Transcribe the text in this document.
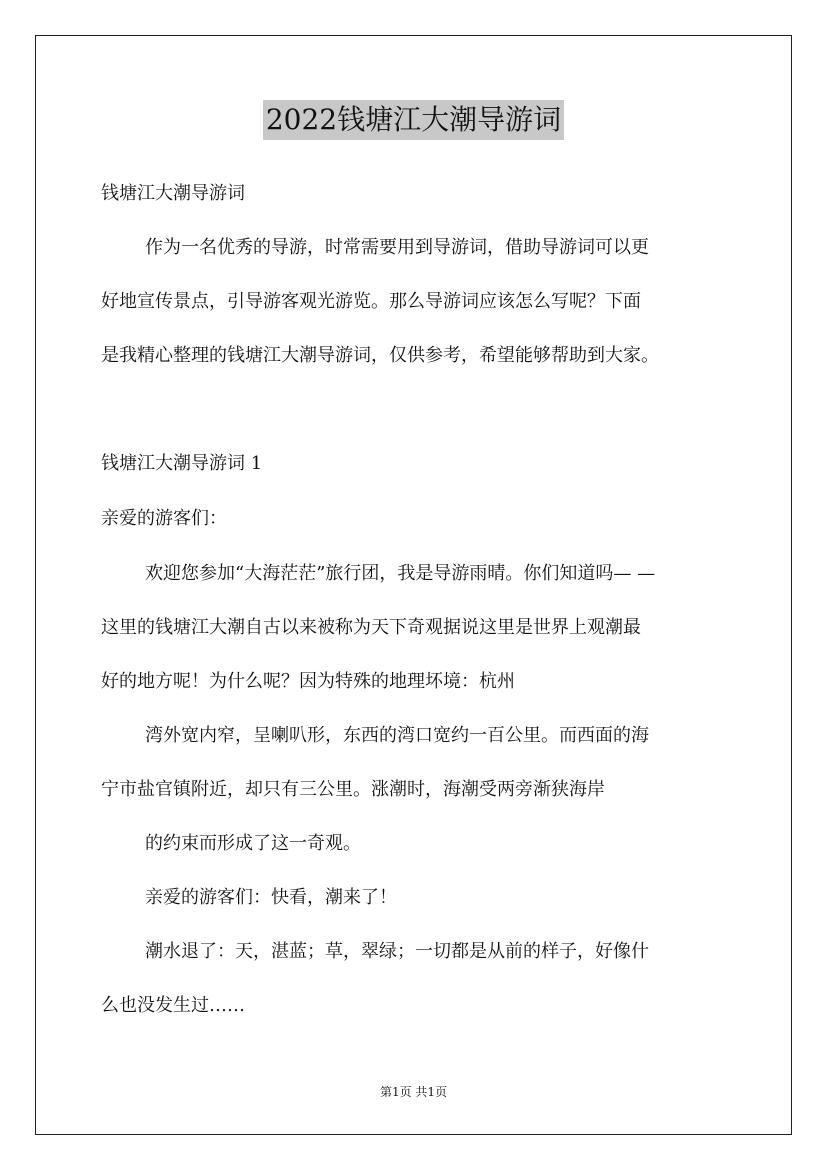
2022钱塘江大潮导游词
钱塘江大潮导游词
作为一名优秀的导游，时常需要用到导游词，借助导游词可以更
好地宣传景点，引导游客观光游览。那么导游词应该怎么写呢？下面
是我精心整理的钱塘江大潮导游词，仅供参考，希望能够帮助到大家。
钱塘江大潮导游词 1
亲爱的游客们：
欢迎您参加“大海茫茫”旅行团，我是导游雨晴。你们知道吗— —
这里的钱塘江大潮自古以来被称为天下奇观据说这里是世界上观潮最
好的地方呢！为什么呢？因为特殊的地理坏境：杭州
湾外宽内窄，呈喇叭形，东西的湾口宽约一百公里。而西面的海
宁市盐官镇附近，却只有三公里。涨潮时，海潮受两旁渐狭海岸
的约束而形成了这一奇观。
亲爱的游客们：快看，潮来了！
潮水退了：天，湛蓝；草，翠绿；一切都是从前的样子，好像什
么也没发生过……
第1页 共1页
